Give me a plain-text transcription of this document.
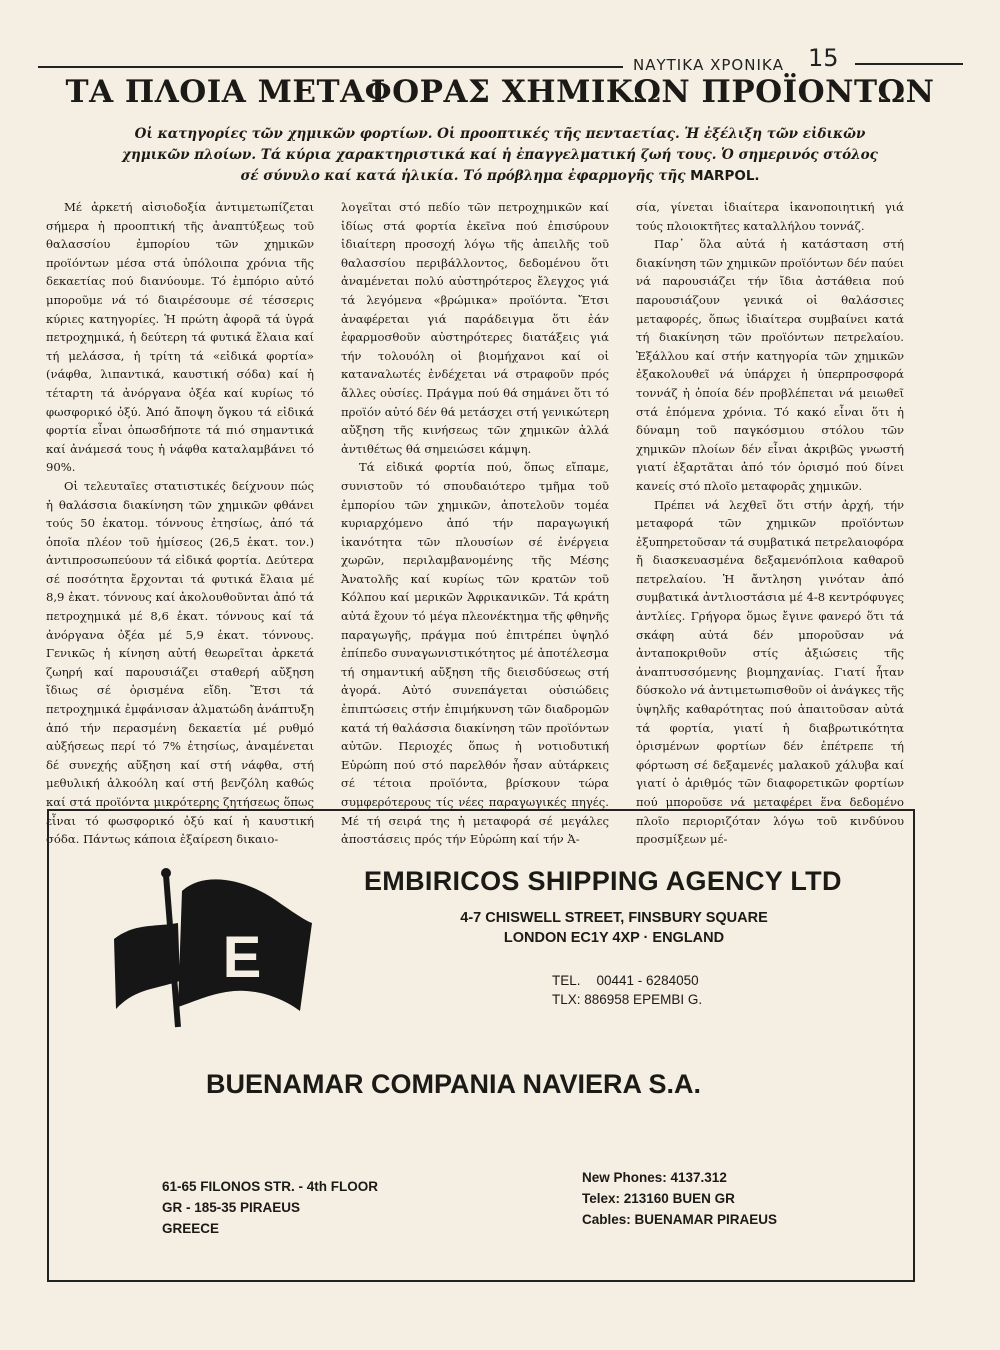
ΝΑΥΤΙΚΑ ΧΡΟΝΙΚΑ 15
ΤΑ ΠΛΟΙΑ ΜΕΤΑΦΟΡΑΣ ΧΗΜΙΚΩΝ ΠΡΟΪΟΝΤΩΝ
Οἱ κατηγορίες τῶν χημικῶν φορτίων. Οἱ προοπτικές τῆς πενταετίας. Ἡ ἐξέλιξη τῶν εἰδικῶν χημικῶν πλοίων. Τά κύρια χαρακτηριστικά καί ἡ ἐπαγγελματική ζωή τους. Ὁ σημερινός στόλος σέ σύνυλο καί κατά ἡλικία. Τό πρόβλημα ἐφαρμογῆς τῆς MARPOL.

Μέ ἀρκετή αἰσιοδοξία ἀντιμετωπίζεται σήμερα ἡ προοπτική τῆς ἀναπτύξεως τοῦ θαλασσίου ἐμπορίου τῶν χημικῶν προϊόντων μέσα στά ὑπόλοιπα χρόνια τῆς δεκαετίας πού διανύουμε. Τό ἐμπόριο αὐτό μποροῦμε νά τό διαιρέσουμε σέ τέσσερις κύριες κατηγορίες. Ἡ πρώτη ἀφορᾶ τά ὑγρά πετροχημικά, ἡ δεύτερη τά φυτικά ἔλαια καί τή μελάσσα, ἡ τρίτη τά «εἰδικά φορτία» (νάφθα, λιπαντικά, καυστική σόδα) καί ἡ τέταρτη τά ἀνόργανα ὀξέα καί κυρίως τό φωσφορικό ὀξύ. Ἀπό ἄποψη ὄγκου τά εἰδικά φορτία εἶναι ὁπωσδήποτε τά πιό σημαντικά καί ἀνάμεσά τους ἡ νάφθα καταλαμβάνει τό 90%.

Οἱ τελευταῖες στατιστικές δείχνουν πώς ἡ θαλάσσια διακίνηση τῶν χημικῶν φθάνει τούς 50 ἑκατομ. τόννους ἐτησίως, ἀπό τά ὁποῖα πλέον τοῦ ἡμίσεος (26,5 ἑκατ. τον.) ἀντιπροσωπεύουν τά εἰδικά φορτία. Δεύτερα σέ ποσότητα ἔρχονται τά φυτικά ἔλαια μέ 8,9 ἑκατ. τόννους καί ἀκολουθοῦνται ἀπό τά πετροχημικά μέ 8,6 ἑκατ. τόννους καί τά ἀνόργανα ὀξέα μέ 5,9 ἑκατ. τόννους. Γενικῶς ἡ κίνηση αὐτή θεωρεῖται ἀρκετά ζωηρή καί παρουσιάζει σταθερή αὔξηση ἴδιως σέ ὁρισμένα εἴδη. Ἔτσι τά πετροχημικά ἐμφάνισαν ἀλματώδη ἀνάπτυξη ἀπό τήν περασμένη δεκαετία μέ ρυθμό αὐξήσεως περί τό 7% ἐτησίως, ἀναμένεται δέ συνεχής αὔξηση καί στή νάφθα, στή μεθυλική ἀλκοόλη καί στή βενζόλη καθώς καί στά προϊόντα μικρότερης ζητήσεως ὅπως εἶναι τό φωσφορικό ὀξύ καί ἡ καυστική σόδα. Πάντως κάποια ἐξαίρεση δικαιο-

λογεῖται στό πεδίο τῶν πετροχημικῶν καί ἰδίως στά φορτία ἐκεῖνα πού ἐπισύρουν ἰδιαίτερη προσοχή λόγω τῆς ἀπειλῆς τοῦ θαλασσίου περιβάλλοντος, δεδομένου ὅτι ἀναμένεται πολύ αὐστηρότερος ἔλεγχος γιά τά λεγόμενα «βρώμικα» προϊόντα. Ἔτσι ἀναφέρεται γιά παράδειγμα ὅτι ἐάν ἐφαρμοσθοῦν αὐστηρότερες διατάξεις γιά τήν τολουόλη οἱ βιομήχανοι καί οἱ καταναλωτές ἐνδέχεται νά στραφοῦν πρός ἄλλες οὐσίες. Πράγμα πού θά σημάνει ὅτι τό προϊόν αὐτό δέν θά μετάσχει στή γενικώτερη αὔξηση τῆς κινήσεως τῶν χημικῶν ἀλλά ἀντιθέτως θά σημειώσει κάμψη.

Τά εἰδικά φορτία πού, ὅπως εἴπαμε, συνιστοῦν τό σπουδαιότερο τμῆμα τοῦ ἐμπορίου τῶν χημικῶν, ἀποτελοῦν τομέα κυριαρχόμενο ἀπό τήν παραγωγική ἱκανότητα τῶν πλουσίων σέ ἐνέργεια χωρῶν, περιλαμβανομένης τῆς Μέσης Ἀνατολῆς καί κυρίως τῶν κρατῶν τοῦ Κόλπου καί μερικῶν Ἀφρικανικῶν. Τά κράτη αὐτά ἔχουν τό μέγα πλεονέκτημα τῆς φθηνῆς παραγωγῆς, πράγμα πού ἐπιτρέπει ὑψηλό ἐπίπεδο συναγωνιστικότητος μέ ἀποτέλεσμα τή σημαντική αὔξηση τῆς διεισδύσεως στή ἀγορά. Αὐτό συνεπάγεται οὐσιώδεις ἐπιπτώσεις στήν ἐπιμήκυνση τῶν διαδρομῶν κατά τή θαλάσσια διακίνηση τῶν προϊόντων αὐτῶν. Περιοχές ὅπως ἡ νοτιοδυτική Εὐρώπη πού στό παρελθόν ἦσαν αὐτάρκεις σέ τέτοια προϊόντα, βρίσκουν τώρα συμφερότερους τίς νέες παραγωγικές πηγές. Μέ τή σειρά της ἡ μεταφορά σέ μεγάλες ἀποστάσεις πρός τήν Εὐρώπη καί τήν Ἀ-

σία, γίνεται ἰδιαίτερα ἱκανοποιητική γιά τούς πλοιοκτῆτες καταλλήλου τοννάζ.

Παρ᾽ ὅλα αὐτά ἡ κατάσταση στή διακίνηση τῶν χημικῶν προϊόντων δέν παύει νά παρουσιάζει τήν ἴδια ἀστάθεια πού παρουσιάζουν γενικά οἱ θαλάσσιες μεταφορές, ὅπως ἰδιαίτερα συμβαίνει κατά τή διακίνηση τῶν προϊόντων πετρελαίου. Ἐξάλλου καί στήν κατηγορία τῶν χημικῶν ἐξακολουθεῖ νά ὑπάρχει ἡ ὑπερπροσφορά τοννάζ ἡ ὁποία δέν προβλέπεται νά μειωθεῖ στά ἑπόμενα χρόνια. Τό κακό εἶναι ὅτι ἡ δύναμη τοῦ παγκόσμιου στόλου τῶν χημικῶν πλοίων δέν εἶναι ἀκριβῶς γνωστή γιατί ἐξαρτᾶται ἀπό τόν ὁρισμό πού δίνει κανείς στό πλοῖο μεταφορᾶς χημικῶν.

Πρέπει νά λεχθεῖ ὅτι στήν ἀρχή, τήν μεταφορά τῶν χημικῶν προϊόντων ἐξυπηρετοῦσαν τά συμβατικά πετρελαιοφόρα ἤ διασκευασμένα δεξαμενόπλοια καθαροῦ πετρελαίου. Ἡ ἄντληση γινόταν ἀπό συμβατικά ἀντλιοστάσια μέ 4-8 κεντρόφυγες ἀντλίες. Γρήγορα ὅμως ἔγινε φανερό ὅτι τά σκάφη αὐτά δέν μποροῦσαν νά ἀνταποκριθοῦν στίς ἀξιώσεις τῆς ἀναπτυσσόμενης βιομηχανίας. Γιατί ἦταν δύσκολο νά ἀντιμετωπισθοῦν οἱ ἀνάγκες τῆς ὑψηλῆς καθαρότητας πού ἀπαιτοῦσαν αὐτά τά φορτία, γιατί ἡ διαβρωτικότητα ὁρισμένων φορτίων δέν ἐπέτρεπε τή φόρτωση σέ δεξαμενές μαλακοῦ χάλυβα καί γιατί ὁ ἀριθμός τῶν διαφορετικῶν φορτίων πού μποροῦσε νά μεταφέρει ἕνα δεδομένο πλοῖο περιοριζόταν λόγω τοῦ κινδύνου προσμίξεων μέ-

E
EMBIRICOS SHIPPING AGENCY LTD
4-7 CHISWELL STREET, FINSBURY SQUARE
LONDON EC1Y 4XP · ENGLAND
TEL. 00441 - 6284050
TLX: 886958 EPEMBI G.
BUENAMAR COMPANIA NAVIERA S.A.
61-65 FILONOS STR. - 4th FLOOR
GR - 185-35 PIRAEUS
GREECE
New Phones: 4137.312
Telex: 213160 BUEN GR
Cables: BUENAMAR PIRAEUS
